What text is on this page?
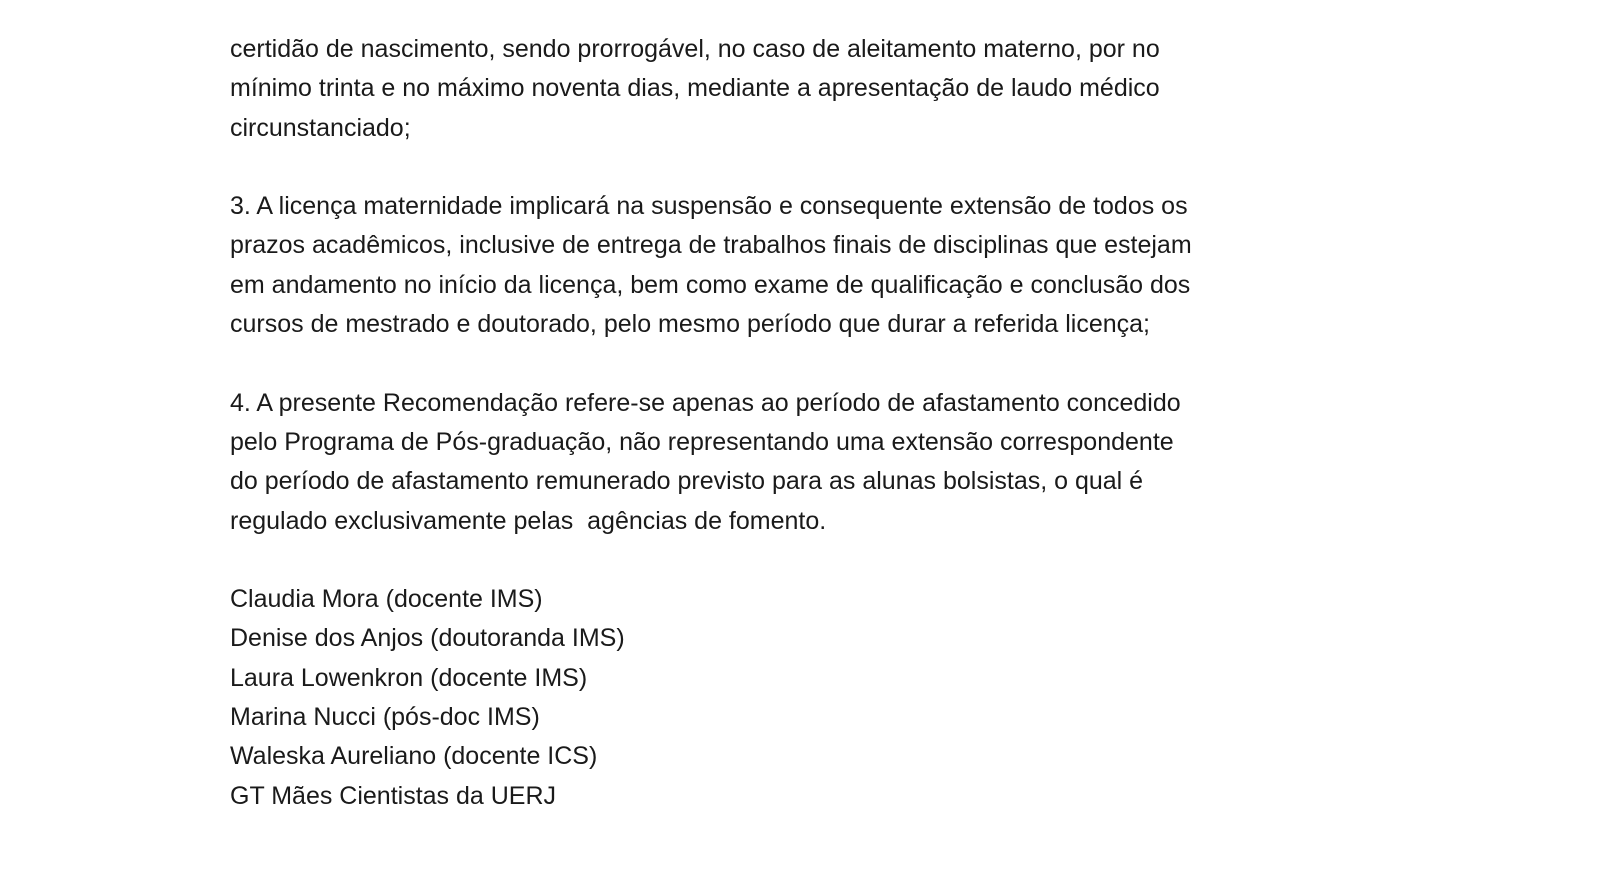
certidão de nascimento, sendo prorrogável, no caso de aleitamento materno, por no
mínimo trinta e no máximo noventa dias, mediante a apresentação de laudo médico
circunstanciado;
3. A licença maternidade implicará na suspensão e consequente extensão de todos os
prazos acadêmicos, inclusive de entrega de trabalhos finais de disciplinas que estejam
em andamento no início da licença, bem como exame de qualificação e conclusão dos
cursos de mestrado e doutorado, pelo mesmo período que durar a referida licença;
4. A presente Recomendação refere-se apenas ao período de afastamento concedido
pelo Programa de Pós-graduação, não representando uma extensão correspondente
do período de afastamento remunerado previsto para as alunas bolsistas, o qual é
regulado exclusivamente pelas  agências de fomento.
Claudia Mora (docente IMS)
Denise dos Anjos (doutoranda IMS)
Laura Lowenkron (docente IMS)
Marina Nucci (pós-doc IMS)
Waleska Aureliano (docente ICS)
GT Mães Cientistas da UERJ
